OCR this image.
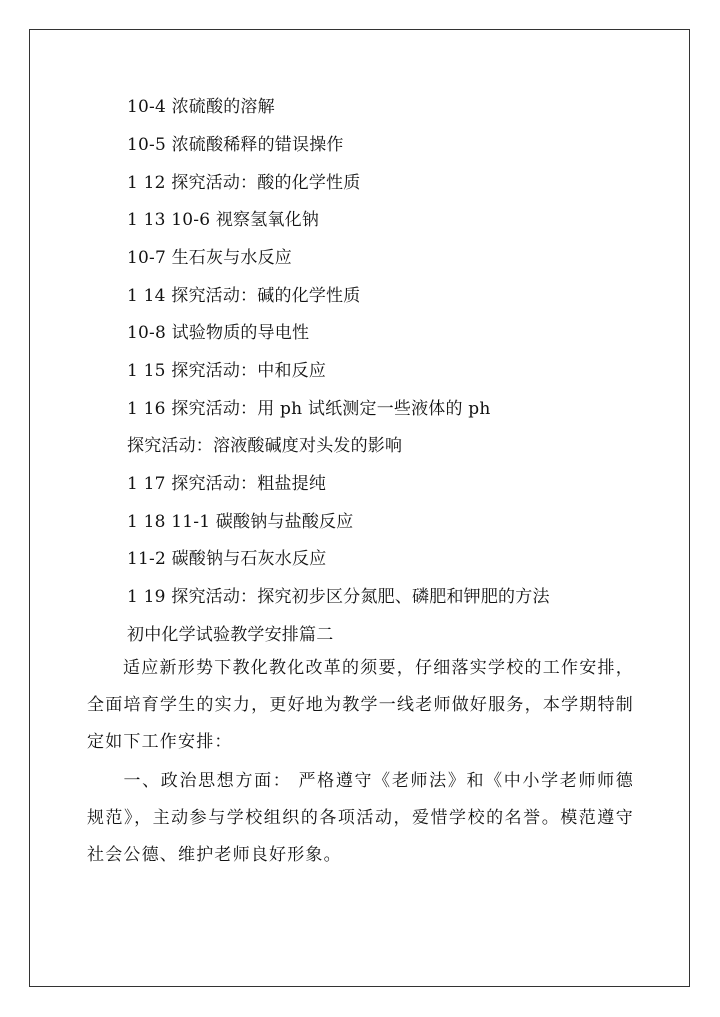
10-4 浓硫酸的溶解
10-5 浓硫酸稀释的错误操作
1 12 探究活动：酸的化学性质
1 13 10-6 视察氢氧化钠
10-7 生石灰与水反应
1 14 探究活动：碱的化学性质
10-8 试验物质的导电性
1 15 探究活动：中和反应
1 16 探究活动：用 ph 试纸测定一些液体的 ph
探究活动：溶液酸碱度对头发的影响
1 17 探究活动：粗盐提纯
1 18 11-1 碳酸钠与盐酸反应
11-2 碳酸钠与石灰水反应
1 19 探究活动：探究初步区分氮肥、磷肥和钾肥的方法
初中化学试验教学安排篇二
适应新形势下教化教化改革的须要，仔细落实学校的工作安排，全面培育学生的实力，更好地为教学一线老师做好服务，本学期特制定如下工作安排：
一、政治思想方面： 严格遵守《老师法》和《中小学老师师德规范》，主动参与学校组织的各项活动，爱惜学校的名誉。模范遵守社会公德、维护老师良好形象。
